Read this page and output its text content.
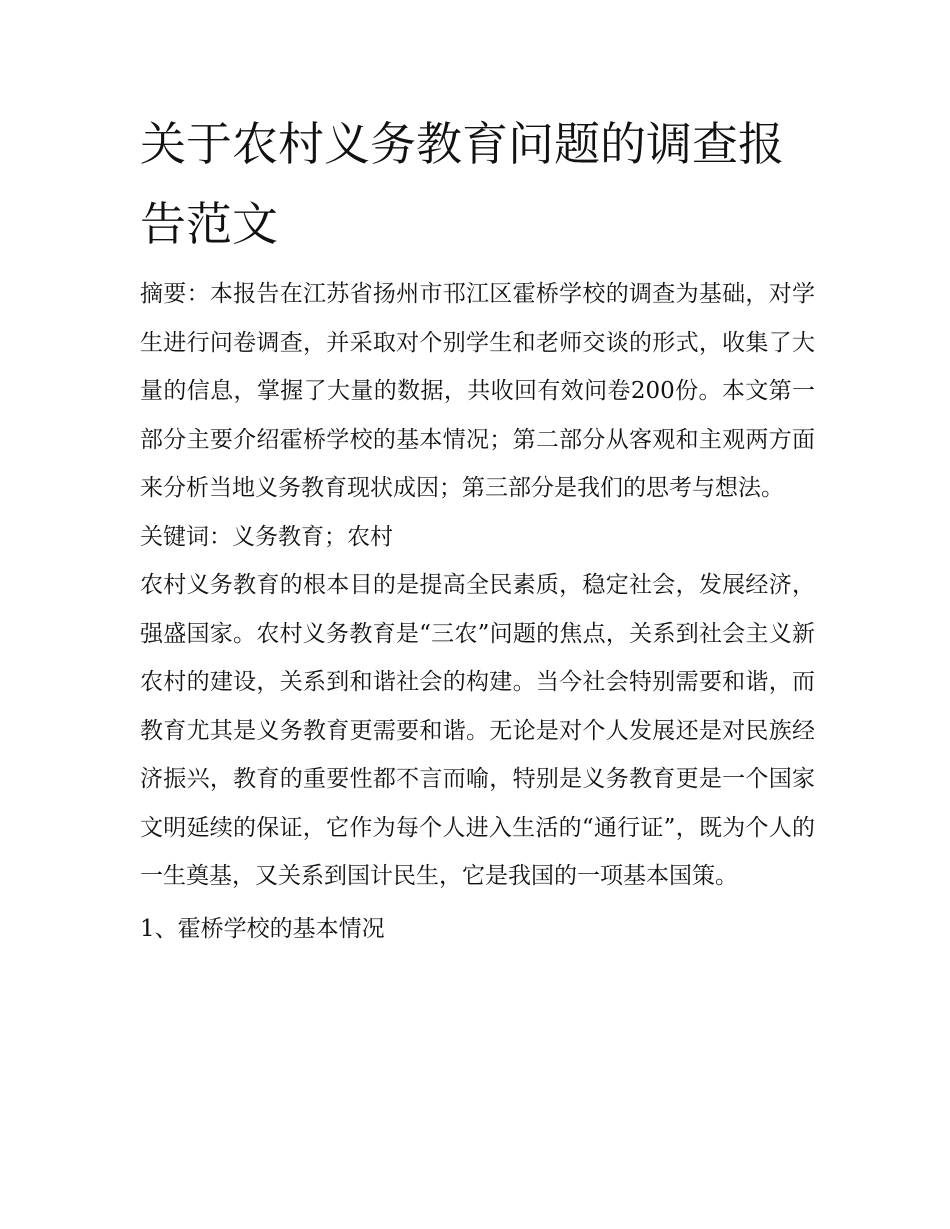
关于农村义务教育问题的调查报告范文

摘要：本报告在江苏省扬州市邗江区霍桥学校的调查为基础，对学生进行问卷调查，并采取对个别学生和老师交谈的形式，收集了大量的信息，掌握了大量的数据，共收回有效问卷200份。本文第一部分主要介绍霍桥学校的基本情况；第二部分从客观和主观两方面来分析当地义务教育现状成因；第三部分是我们的思考与想法。

关键词：义务教育；农村

农村义务教育的根本目的是提高全民素质，稳定社会，发展经济，强盛国家。农村义务教育是“三农”问题的焦点，关系到社会主义新农村的建设，关系到和谐社会的构建。当今社会特别需要和谐，而教育尤其是义务教育更需要和谐。无论是对个人发展还是对民族经济振兴，教育的重要性都不言而喻，特别是义务教育更是一个国家文明延续的保证，它作为每个人进入生活的“通行证”，既为个人的一生奠基，又关系到国计民生，它是我国的一项基本国策。

1、霍桥学校的基本情况
